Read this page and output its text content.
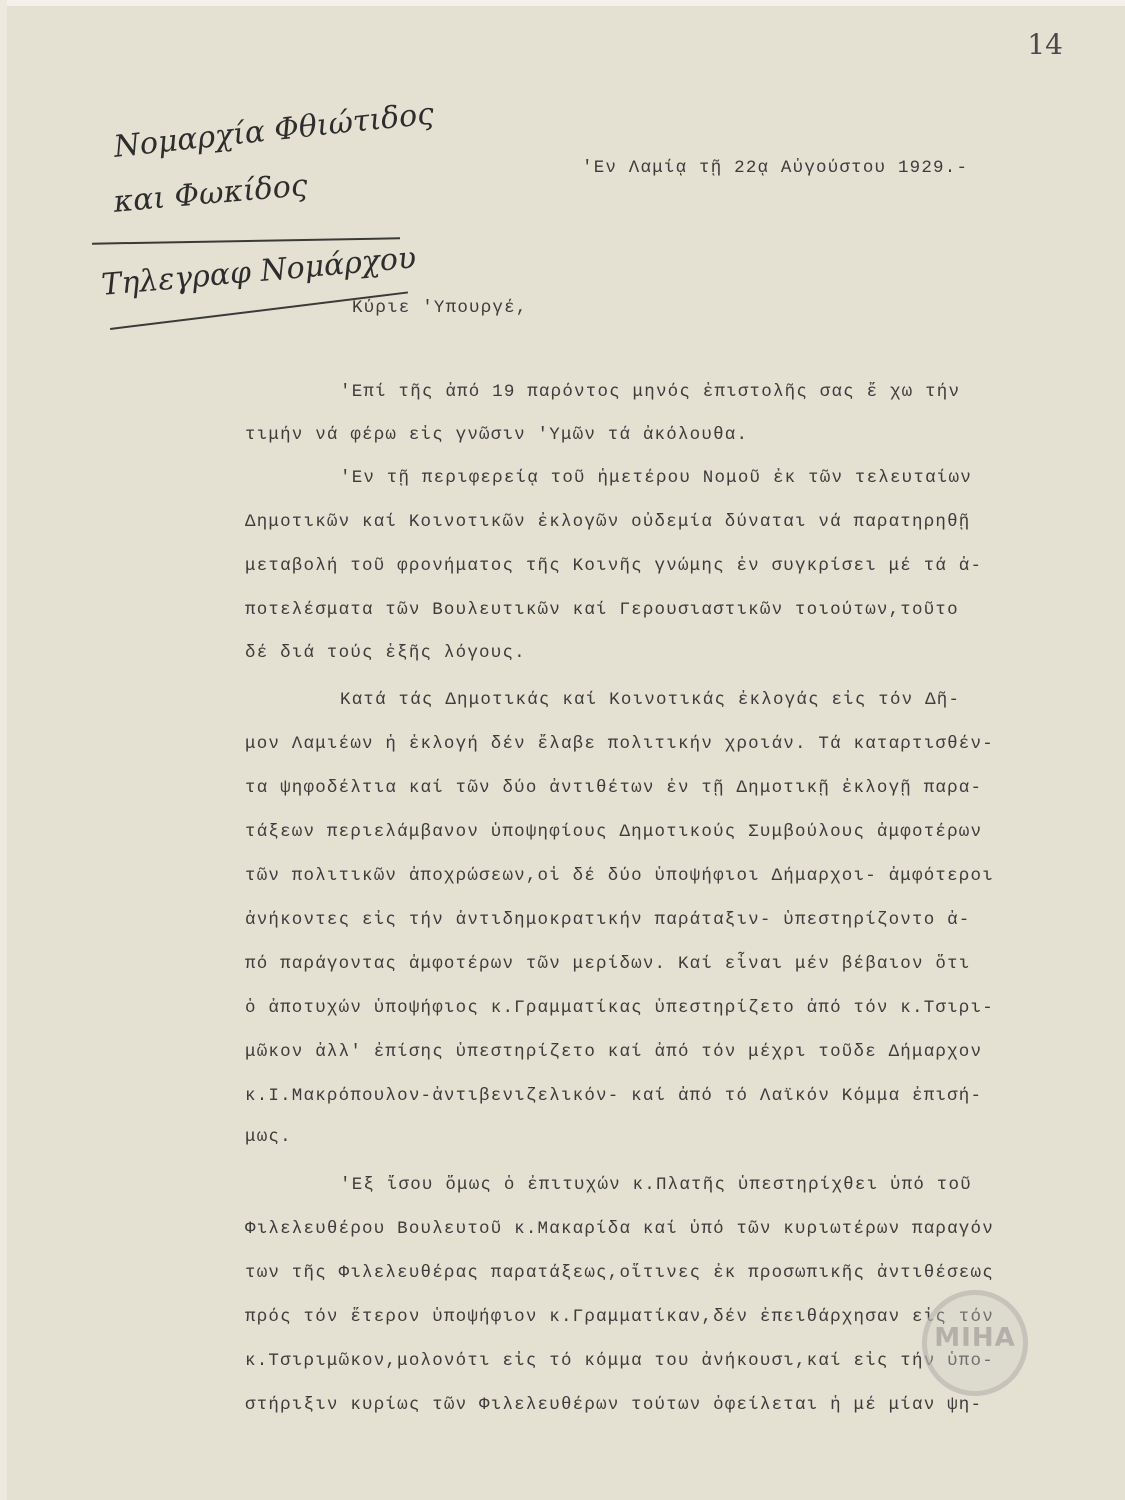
14
Νομαρχία Φθιώτιδος
και Φωκίδος
Τηλεγραφ Νομάρχου
'Εν Λαμίᾳ τῇ 22ᾳ Αὐγούστου 1929.-
Κύριε 'Υπουργέ,
'Επί τῆς ἀπό 19 παρόντος μηνός ἐπιστολῆς σας ἔ χω τήν
τιμήν νά φέρω εἰς γνῶσιν 'Υμῶν τά ἀκόλουθα.
'Εν τῇ περιφερείᾳ τοῦ ἡμετέρου Νομοῦ ἐκ τῶν τελευταίων
Δημοτικῶν καί Κοινοτικῶν ἐκλογῶν οὐδεμία δύναται νά παρατηρηθῇ
μεταβολή τοῦ φρονήματος τῆς Κοινῆς γνώμης ἐν συγκρίσει μέ τά ἀ-
ποτελέσματα τῶν Βουλευτικῶν καί Γερουσιαστικῶν τοιούτων,τοῦτο
δέ διά τούς ἑξῆς λόγους.
Κατά τάς Δημοτικάς καί Κοινοτικάς ἐκλογάς εἰς τόν Δῆ-
μον Λαμιέων ἡ ἐκλογή δέν ἔλαβε πολιτικήν χροιάν. Τά καταρτισθέν-
τα ψηφοδέλτια καί τῶν δύο ἀντιθέτων ἐν τῇ Δημοτικῇ ἐκλογῇ παρα-
τάξεων περιελάμβανον ὑποψηφίους Δημοτικούς Συμβούλους ἀμφοτέρων
τῶν πολιτικῶν ἀποχρώσεων,οἱ δέ δύο ὑποψήφιοι Δήμαρχοι- ἀμφότεροι
ἀνήκοντες εἰς τήν ἀντιδημοκρατικήν παράταξιν- ὑπεστηρίζοντο ἀ-
πό παράγοντας ἀμφοτέρων τῶν μερίδων. Καί εἶναι μέν βέβαιον ὅτι
ὁ ἀποτυχών ὑποψήφιος κ.Γραμματίκας ὑπεστηρίζετο ἀπό τόν κ.Τσιρι-
μῶκον ἀλλ' ἐπίσης ὑπεστηρίζετο καί ἀπό τόν μέχρι τοῦδε Δήμαρχον
κ.Ι.Μακρόπουλον-ἀντιβενιζελικόν- καί ἀπό τό Λαϊκόν Κόμμα ἐπισή-
μως.
'Εξ ἴσου ὅμως ὁ ἐπιτυχών κ.Πλατῆς ὑπεστηρίχθει ὑπό τοῦ
Φιλελευθέρου Βουλευτοῦ κ.Μακαρίδα καί ὑπό τῶν κυριωτέρων παραγόν
των τῆς Φιλελευθέρας παρατάξεως,οἵτινες ἐκ προσωπικῆς ἀντιθέσεως
πρός τόν ἕτερον ὑποψήφιον κ.Γραμματίκαν,δέν ἐπειθάρχησαν εἰς τόν
κ.Τσιριμῶκον,μολονότι εἰς τό κόμμα του ἀνήκουσι,καί εἰς τήν ὑπο-
στήριξιν κυρίως τῶν Φιλελευθέρων τούτων ὀφείλεται ἡ μέ μίαν ψη-
ΜΙΗΑ
